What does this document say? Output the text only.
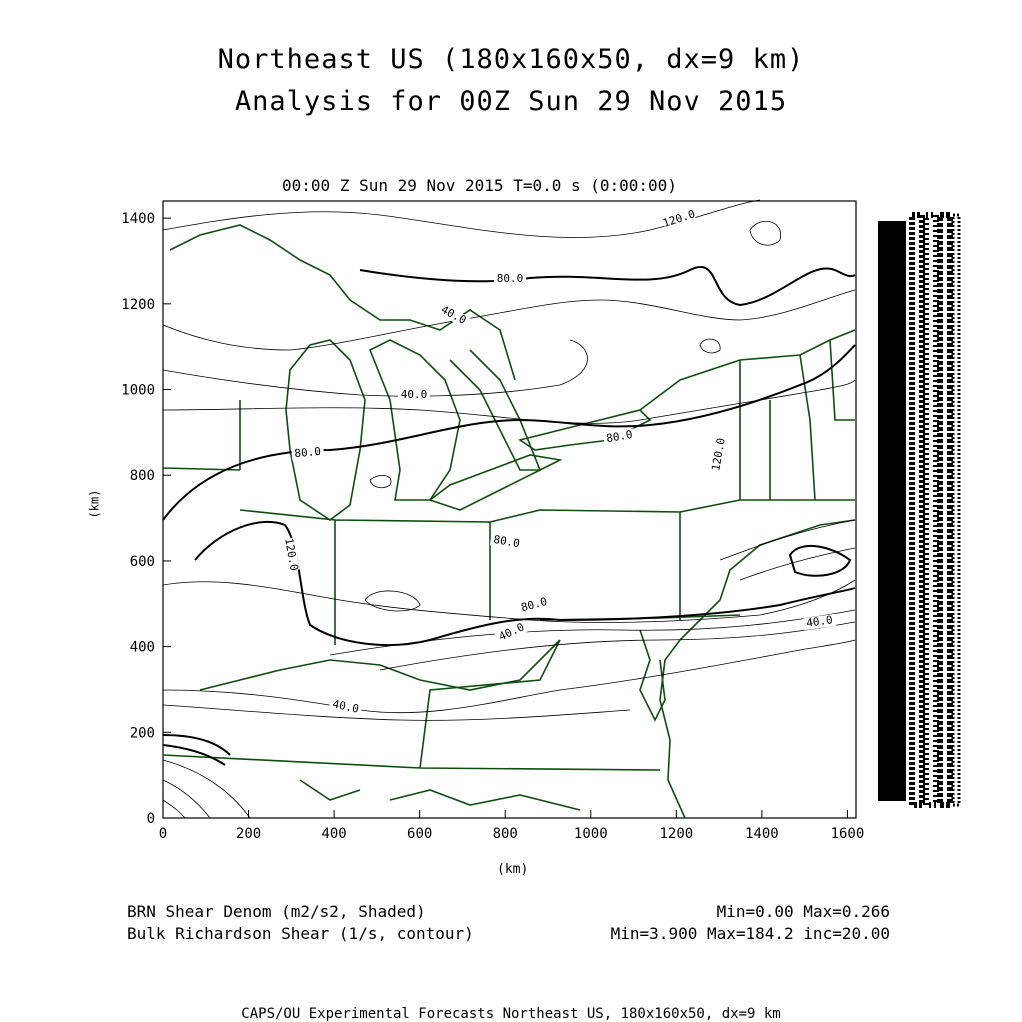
Northeast US (180x160x50, dx=9 km)
Analysis for 00Z Sun 29 Nov 2015
00:00 Z Sun 29 Nov 2015 T=0.0 s (0:00:00)
0	200	400	600	800	1000	1200	1400	1600
0
200
400
600
800
1000
1200
1400	120.0
80.0
40.0
40.0
80.0
80.0
120.0	80.0
120.0
80.0
40.0	40.0
40.0
(km)
(km)
BRN Shear Denom (m2/s2, Shaded)
Bulk Richardson Shear (1/s, contour)
Min=0.00 Max=0.266
Min=3.900 Max=184.2 inc=20.00
CAPS/OU Experimental Forecasts Northeast US, 180x160x50, dx=9 km
